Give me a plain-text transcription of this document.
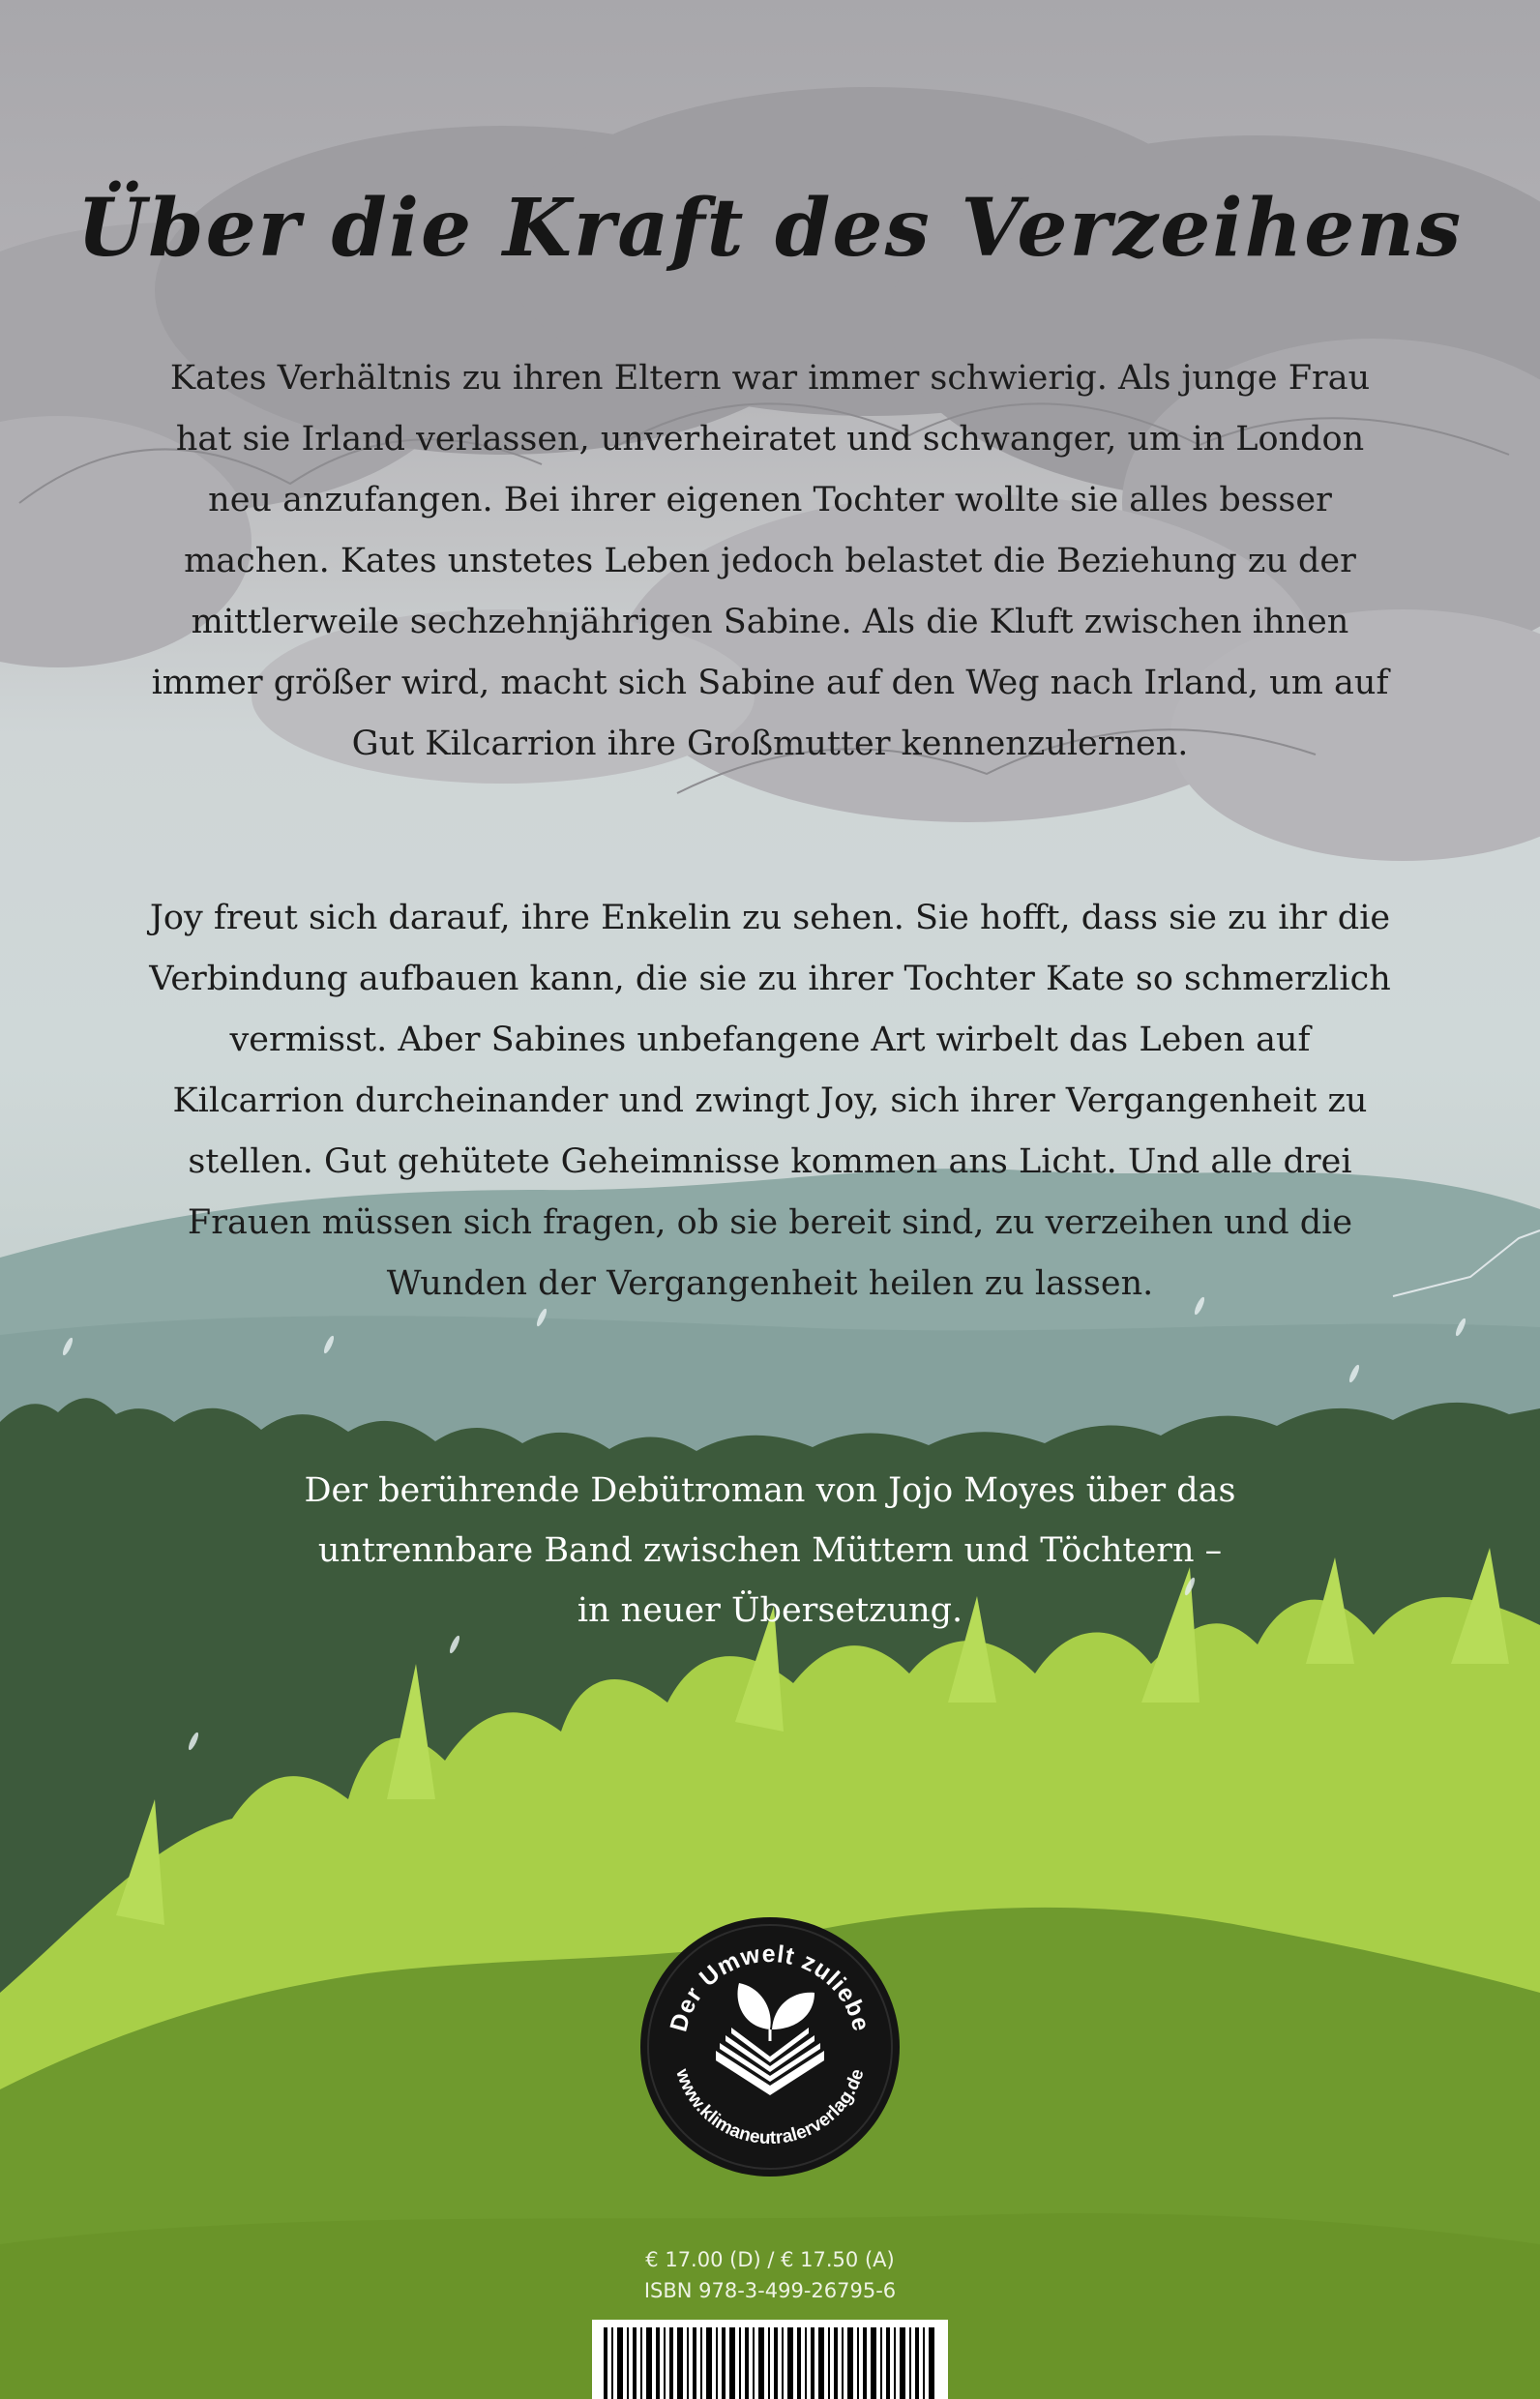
Über die Kraft des Verzeihens

Kates Verhältnis zu ihren Eltern war immer schwierig. Als junge Frau hat sie Irland verlassen, unverheiratet und schwanger, um in London neu anzufangen. Bei ihrer eigenen Tochter wollte sie alles besser machen. Kates unstetes Leben jedoch belastet die Beziehung zu der mittlerweile sechzehnjährigen Sabine. Als die Kluft zwischen ihnen immer größer wird, macht sich Sabine auf den Weg nach Irland, um auf Gut Kilcarrion ihre Großmutter kennenzulernen.

Joy freut sich darauf, ihre Enkelin zu sehen. Sie hofft, dass sie zu ihr die Verbindung aufbauen kann, die sie zu ihrer Tochter Kate so schmerzlich vermisst. Aber Sabines unbefangene Art wirbelt das Leben auf Kilcarrion durcheinander und zwingt Joy, sich ihrer Vergangenheit zu stellen. Gut gehütete Geheimnisse kommen ans Licht. Und alle drei Frauen müssen sich fragen, ob sie bereit sind, zu verzeihen und die Wunden der Vergangenheit heilen zu lassen.

Der berührende Debütroman von Jojo Moyes über das
untrennbare Band zwischen Müttern und Töchtern –
in neuer Übersetzung.

Der Umwelt zuliebe
www.klimaneutralerverlag.de

€ 17.00 (D) / € 17.50 (A)

ISBN 978-3-499-26795-6
